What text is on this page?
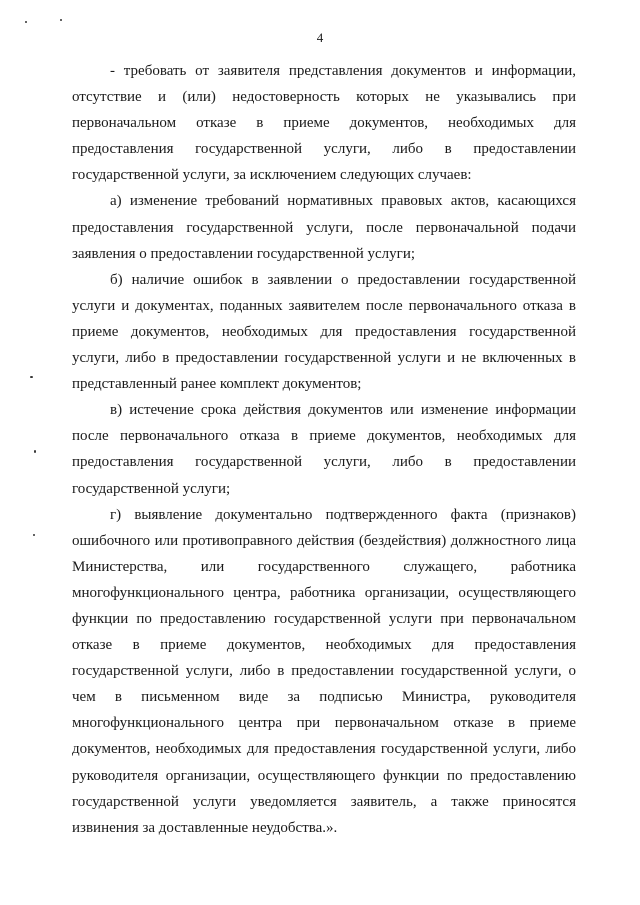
4

- требовать от заявителя представления документов и информации, отсутствие и (или) недостоверность которых не указывались при первоначальном отказе в приеме документов, необходимых для предоставления государственной услуги, либо в предоставлении государственной услуги, за исключением следующих случаев:

а) изменение требований нормативных правовых актов, касающихся предоставления государственной услуги, после первоначальной подачи заявления о предоставлении государственной услуги;

б) наличие ошибок в заявлении о предоставлении государственной услуги и документах, поданных заявителем после первоначального отказа в приеме документов, необходимых для предоставления государственной услуги, либо в предоставлении государственной услуги и не включенных в представленный ранее комплект документов;

в) истечение срока действия документов или изменение информации после первоначального отказа в приеме документов, необходимых для предоставления государственной услуги, либо в предоставлении государственной услуги;

г) выявление документально подтвержденного факта (признаков) ошибочного или противоправного действия (бездействия) должностного лица Министерства, или государственного служащего, работника многофункционального центра, работника организации, осуществляющего функции по предоставлению государственной услуги при первоначальном отказе в приеме документов, необходимых для предоставления государственной услуги, либо в предоставлении государственной услуги, о чем в письменном виде за подписью Министра, руководителя многофункционального центра при первоначальном отказе в приеме документов, необходимых для предоставления государственной услуги, либо руководителя организации, осуществляющего функции по предоставлению государственной услуги уведомляется заявитель, а также приносятся извинения за доставленные неудобства.».
